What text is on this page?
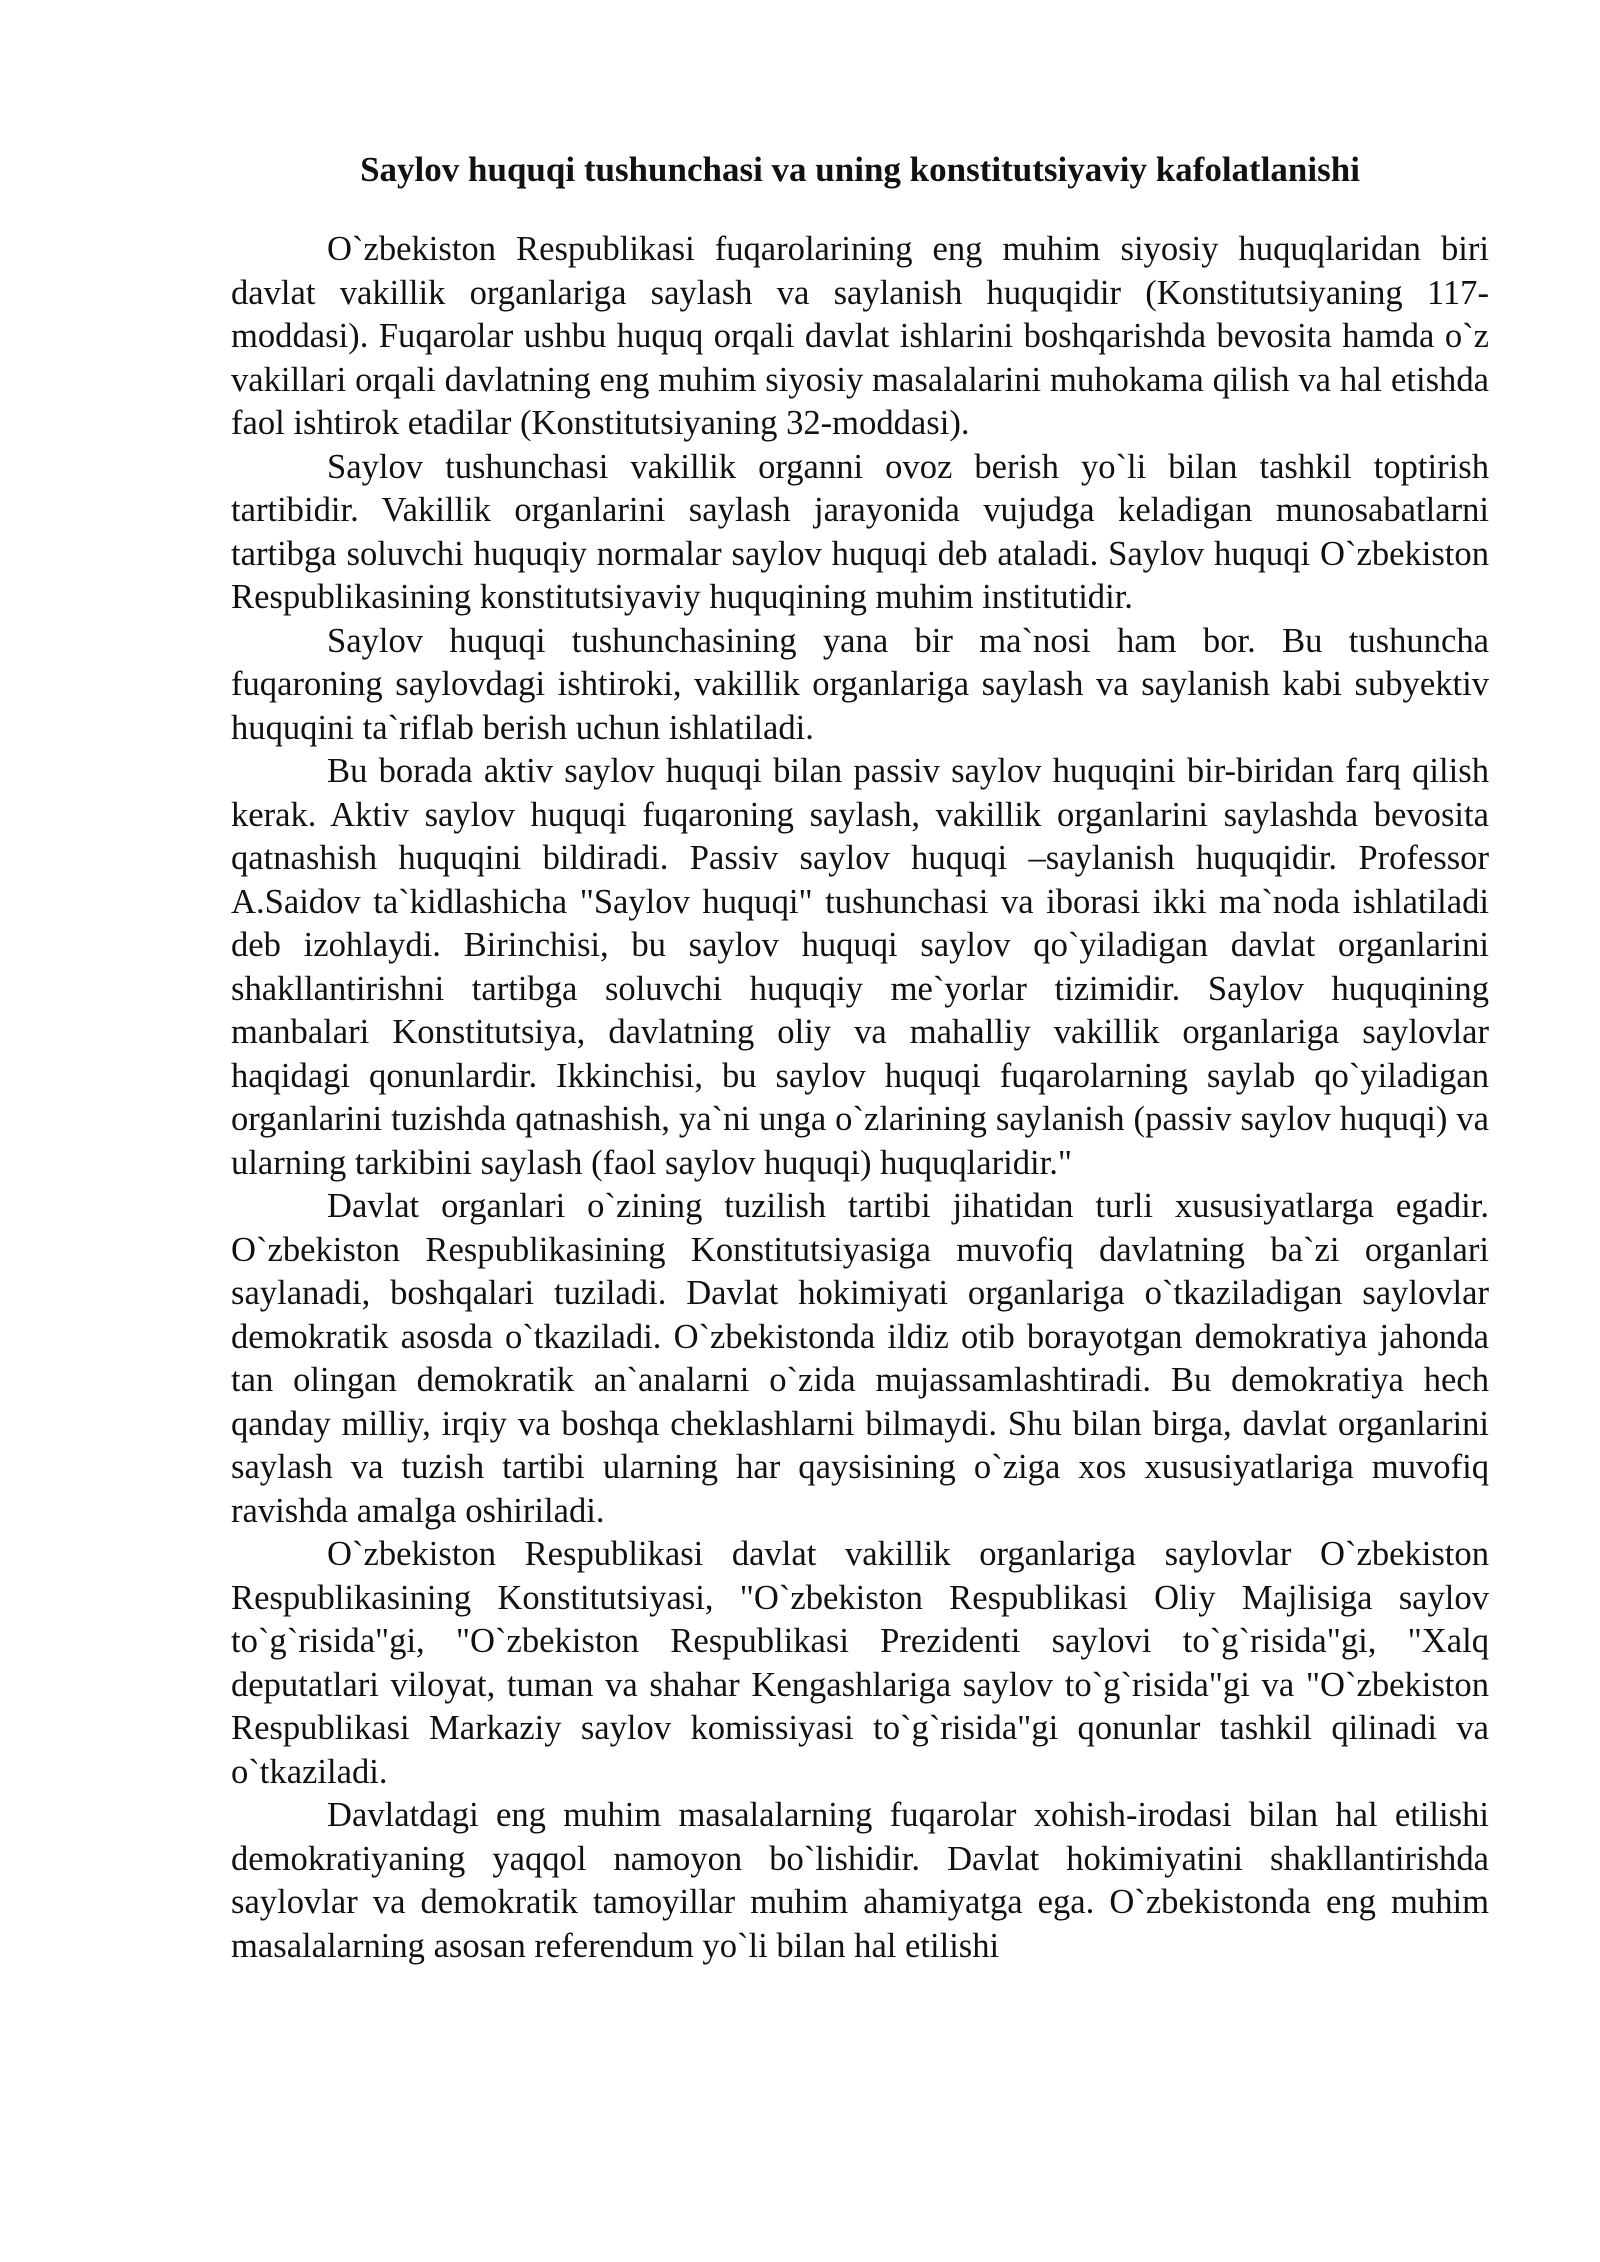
Saylov huquqi tushunchasi va uning konstitutsiyaviy kafolatlanishi

O`zbekiston Respublikasi fuqarolarining eng muhim siyosiy huquqlaridan biri davlat vakillik organlariga saylash va saylanish huquqidir (Konstitutsiyaning 117-moddasi). Fuqarolar ushbu huquq orqali davlat ishlarini boshqarishda bevosita hamda o`z vakillari orqali davlatning eng muhim siyosiy masalalarini muhokama qilish va hal etishda faol ishtirok etadilar (Konstitutsiyaning 32-moddasi).

Saylov tushunchasi vakillik organni ovoz berish yo`li bilan tashkil toptirish tartibidir. Vakillik organlarini saylash jarayonida vujudga keladigan munosabatlarni tartibga soluvchi huquqiy normalar saylov huquqi deb ataladi. Saylov huquqi O`zbekiston Respublikasining konstitutsiyaviy huquqining muhim institutidir.

Saylov huquqi tushunchasining yana bir ma`nosi ham bor. Bu tushuncha fuqaroning saylovdagi ishtiroki, vakillik organlariga saylash va saylanish kabi subyektiv huquqini ta`riflab berish uchun ishlatiladi.

Bu borada aktiv saylov huquqi bilan passiv saylov huquqini bir-biridan farq qilish kerak. Aktiv saylov huquqi fuqaroning saylash, vakillik organlarini saylashda bevosita qatnashish huquqini bildiradi. Passiv saylov huquqi –saylanish huquqidir. Professor A.Saidov ta`kidlashicha "Saylov huquqi" tushunchasi va iborasi ikki ma`noda ishlatiladi deb izohlaydi. Birinchisi, bu saylov huquqi saylov qo`yiladigan davlat organlarini shakllantirishni tartibga soluvchi huquqiy me`yorlar tizimidir. Saylov huquqining manbalari Konstitutsiya, davlatning oliy va mahalliy vakillik organlariga saylovlar haqidagi qonunlardir. Ikkinchisi, bu saylov huquqi fuqarolarning saylab qo`yiladigan organlarini tuzishda qatnashish, ya`ni unga o`zlarining saylanish (passiv saylov huquqi) va ularning tarkibini saylash (faol saylov huquqi) huquqlaridir."

Davlat organlari o`zining tuzilish tartibi jihatidan turli xususiyatlarga egadir. O`zbekiston Respublikasining Konstitutsiyasiga muvofiq davlatning ba`zi organlari saylanadi, boshqalari tuziladi. Davlat hokimiyati organlariga o`tkaziladigan saylovlar demokratik asosda o`tkaziladi. O`zbekistonda ildiz otib borayotgan demokratiya jahonda tan olingan demokratik an`analarni o`zida mujassamlashtiradi. Bu demokratiya hech qanday milliy, irqiy va boshqa cheklashlarni bilmaydi. Shu bilan birga, davlat organlarini saylash va tuzish tartibi ularning har qaysisining o`ziga xos xususiyatlariga muvofiq ravishda amalga oshiriladi.

O`zbekiston Respublikasi davlat vakillik organlariga saylovlar O`zbekiston Respublikasining Konstitutsiyasi, "O`zbekiston Respublikasi Oliy Majlisiga saylov to`g`risida"gi, "O`zbekiston Respublikasi Prezidenti saylovi to`g`risida"gi, "Xalq deputatlari viloyat, tuman va shahar Kengashlariga saylov to`g`risida"gi va "O`zbekiston Respublikasi Markaziy saylov komissiyasi to`g`risida"gi qonunlar tashkil qilinadi va o`tkaziladi.

Davlatdagi eng muhim masalalarning fuqarolar xohish-irodasi bilan hal etilishi demokratiyaning yaqqol namoyon bo`lishidir. Davlat hokimiyatini shakllantirishda saylovlar va demokratik tamoyillar muhim ahamiyatga ega. O`zbekistonda eng muhim masalalarning asosan referendum yo`li bilan hal etilishi
